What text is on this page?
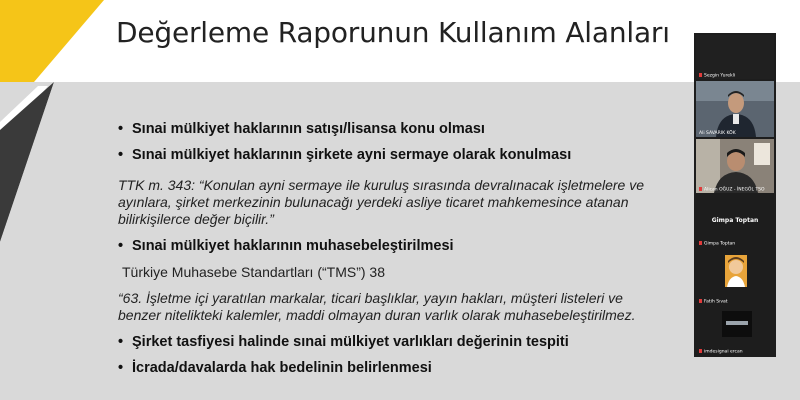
Değerleme Raporunun Kullanım Alanları
• Sınai mülkiyet haklarının satışı/lisansa konu olması
• Sınai mülkiyet haklarının şirkete ayni sermaye olarak konulması
TTK m. 343: “Konulan ayni sermaye ile kuruluş sırasında devralınacak işletmelere ve
ayınlara, şirket merkezinin bulunacağı yerdeki asliye ticaret mahkemesince atanan
bilirkişilerce değer biçilir.”
• Sınai mülkiyet haklarının muhasebeleştirilmesi
Türkiye Muhasebe Standartları (“TMS”) 38
“63. İşletme içi yaratılan markalar, ticari başlıklar, yayın hakları, müşteri listeleri ve
benzer nitelikteki kalemler, maddi olmayan duran varlık olarak muhasebeleştirilmez.
• Şirket tasfiyesi halinde sınai mülkiyet varlıkları değerinin tespiti
• İcrada/davalarda hak bedelinin belirlenmesi
Sezgin Yurekli
Ali SAVARIK KÖK
Alican OĞUZ - İNEGÖL TSO
Gimpa Toptan
Gimpa Toptan
Fatih Sıvat
imdesignai ercan
